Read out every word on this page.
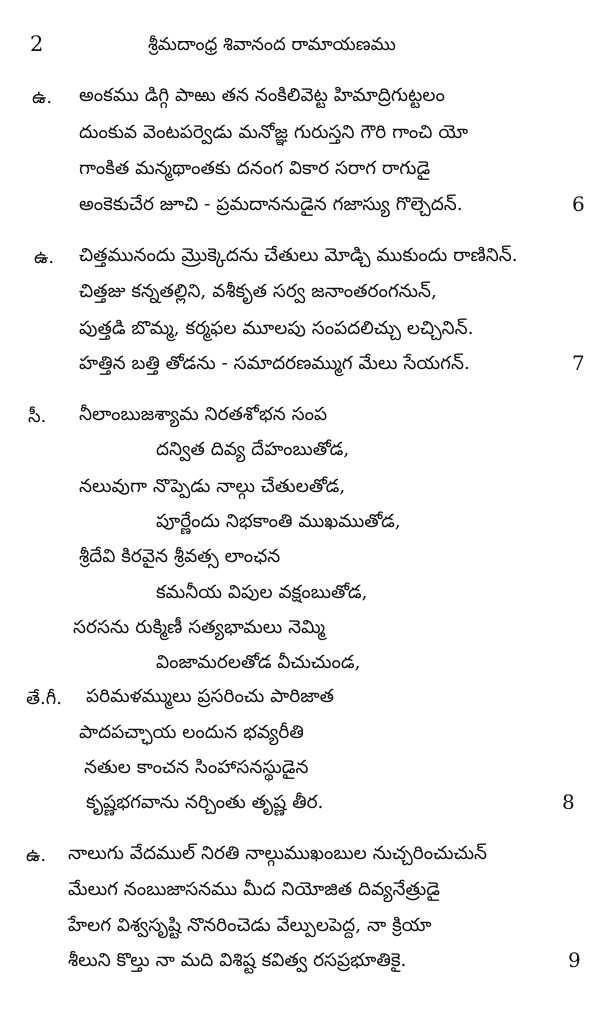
2	శ్రీమదాంధ్ర శివానంద రామాయణము
ఉ. అంకము డిగ్గి పాఱు తన నంకిలివెట్ట హిమాద్రిగుట్టలం
దుంకువ వెంటపర్వెడు మనోజ్ఞ గురుస్తని గౌరి గాంచి యో
గాంకిత మన్మథాంతకు దనంగ వికార సరాగ రాగుడై
అంకెకుచేర జూచి - ప్రమదాననుడైన గజాస్యు గొల్చెదన్.	6
ఉ. చిత్తమునందు మ్రొక్కెదను చేతులు మోడ్చి ముకుందు రాణినిన్.
చిత్తజు కన్నతల్లిని, వశీకృత సర్వ జనాంతరంగనున్,
పుత్తడి బొమ్మ, కర్మఫల మూలపు సంపదలిచ్చు లచ్చినిన్.
హత్తిన బత్తి తోడను - సమాదరణమ్ముగ మేలు సేయగన్.	7
సీ. నీలాంబుజశ్యామ నిరతశోభన సంప
దన్విత దివ్య దేహంబుతోడ,
నలువుగా నొప్పెడు నాల్గు చేతులతోడ,
పూర్ణేందు నిభకాంతి ముఖముతోడ,
శ్రీదేవి కిరవైన శ్రీవత్స లాంఛన
కమనీయ విపుల వక్షంబుతోడ,
సరసను రుక్మిణీ సత్యభామలు నెమ్మి
వింజామరలతోడ వీచుచుండ,
తే.గీ. పరిమళమ్ములు ప్రసరించు పారిజాత
పాదపచ్ఛాయ లందున భవ్యరీతి
నతుల కాంచన సింహాసనస్థుడైన
కృష్ణభగవాను నర్చింతు తృష్ణ తీర.	8
ఉ. నాలుగు వేదముల్ నిరతి నాల్గుముఖంబుల నుచ్చరించుచున్
మేలుగ నంబుజాసనము మీద నియోజిత దివ్యనేత్రుడై
హేలగ విశ్వసృష్టి నొనరించెడు వేల్పులపెద్ద, నా క్రియా
శీలుని కొల్తు నా మది విశిష్ట కవిత్వ రసప్రభూతికై.	9
